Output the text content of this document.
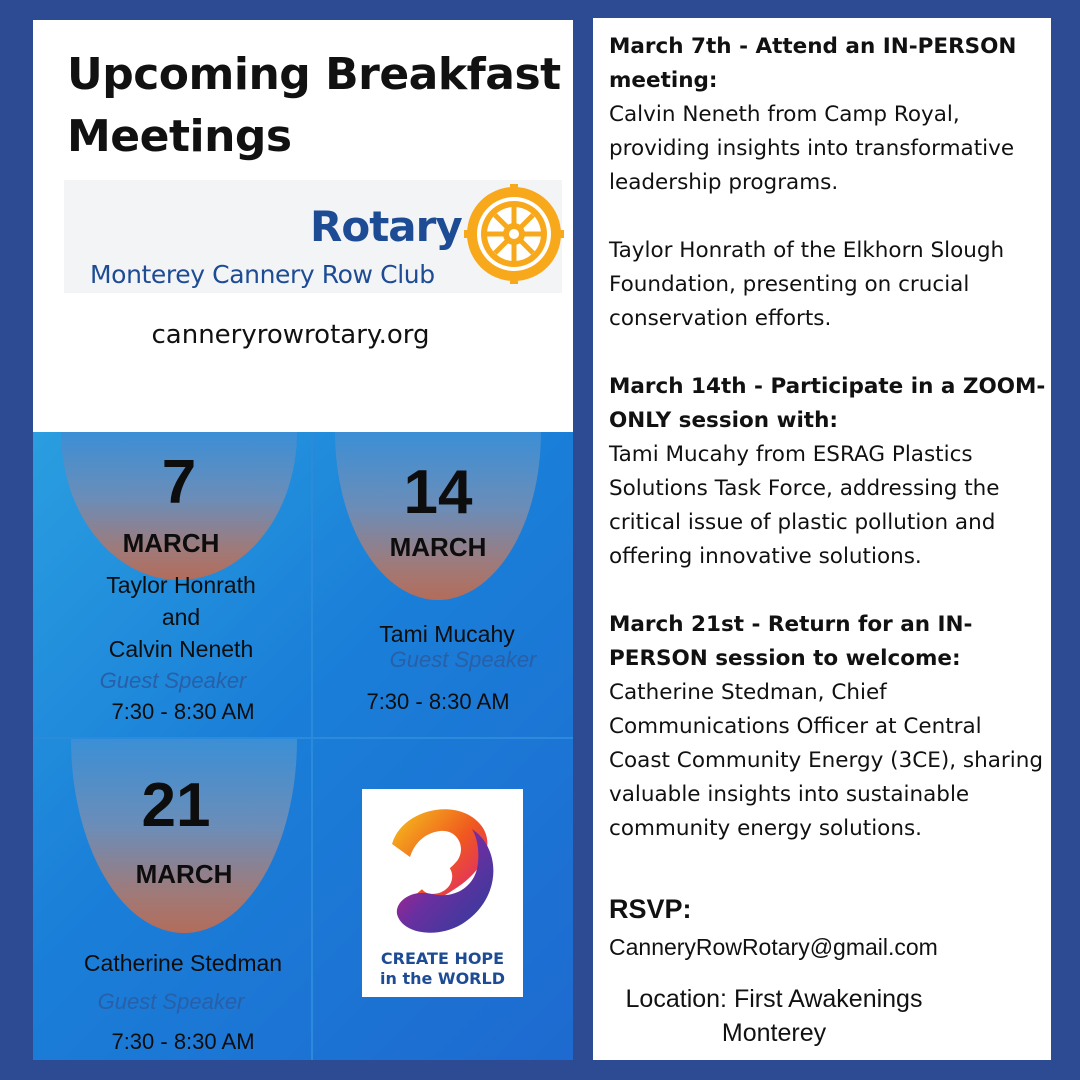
Upcoming Breakfast
Meetings
Rotary
Monterey Cannery Row Club
canneryrowrotary.org
7
MARCH
Taylor Honrath
and
Calvin Neneth
Guest Speaker
7:30 - 8:30 AM
14
MARCH
Tami Mucahy
Guest Speaker
7:30 - 8:30 AM
21
MARCH
Catherine Stedman
Guest Speaker
7:30 - 8:30 AM
CREATE HOPE
in the WORLD
March 7th - Attend an IN-PERSON
meeting:
Calvin Neneth from Camp Royal, providing insights into transformative leadership programs.
Taylor Honrath of the Elkhorn Slough Foundation, presenting on crucial conservation efforts.
March 14th - Participate in a ZOOM-
ONLY session with:
Tami Mucahy from ESRAG Plastics Solutions Task Force, addressing the critical issue of plastic pollution and offering innovative solutions.
March 21st - Return for an IN-
PERSON session to welcome:
Catherine Stedman, Chief Communications Officer at Central Coast Community Energy (3CE), sharing valuable insights into sustainable community energy solutions.
RSVP:
CanneryRowRotary@gmail.com
Location: First Awakenings
Monterey
